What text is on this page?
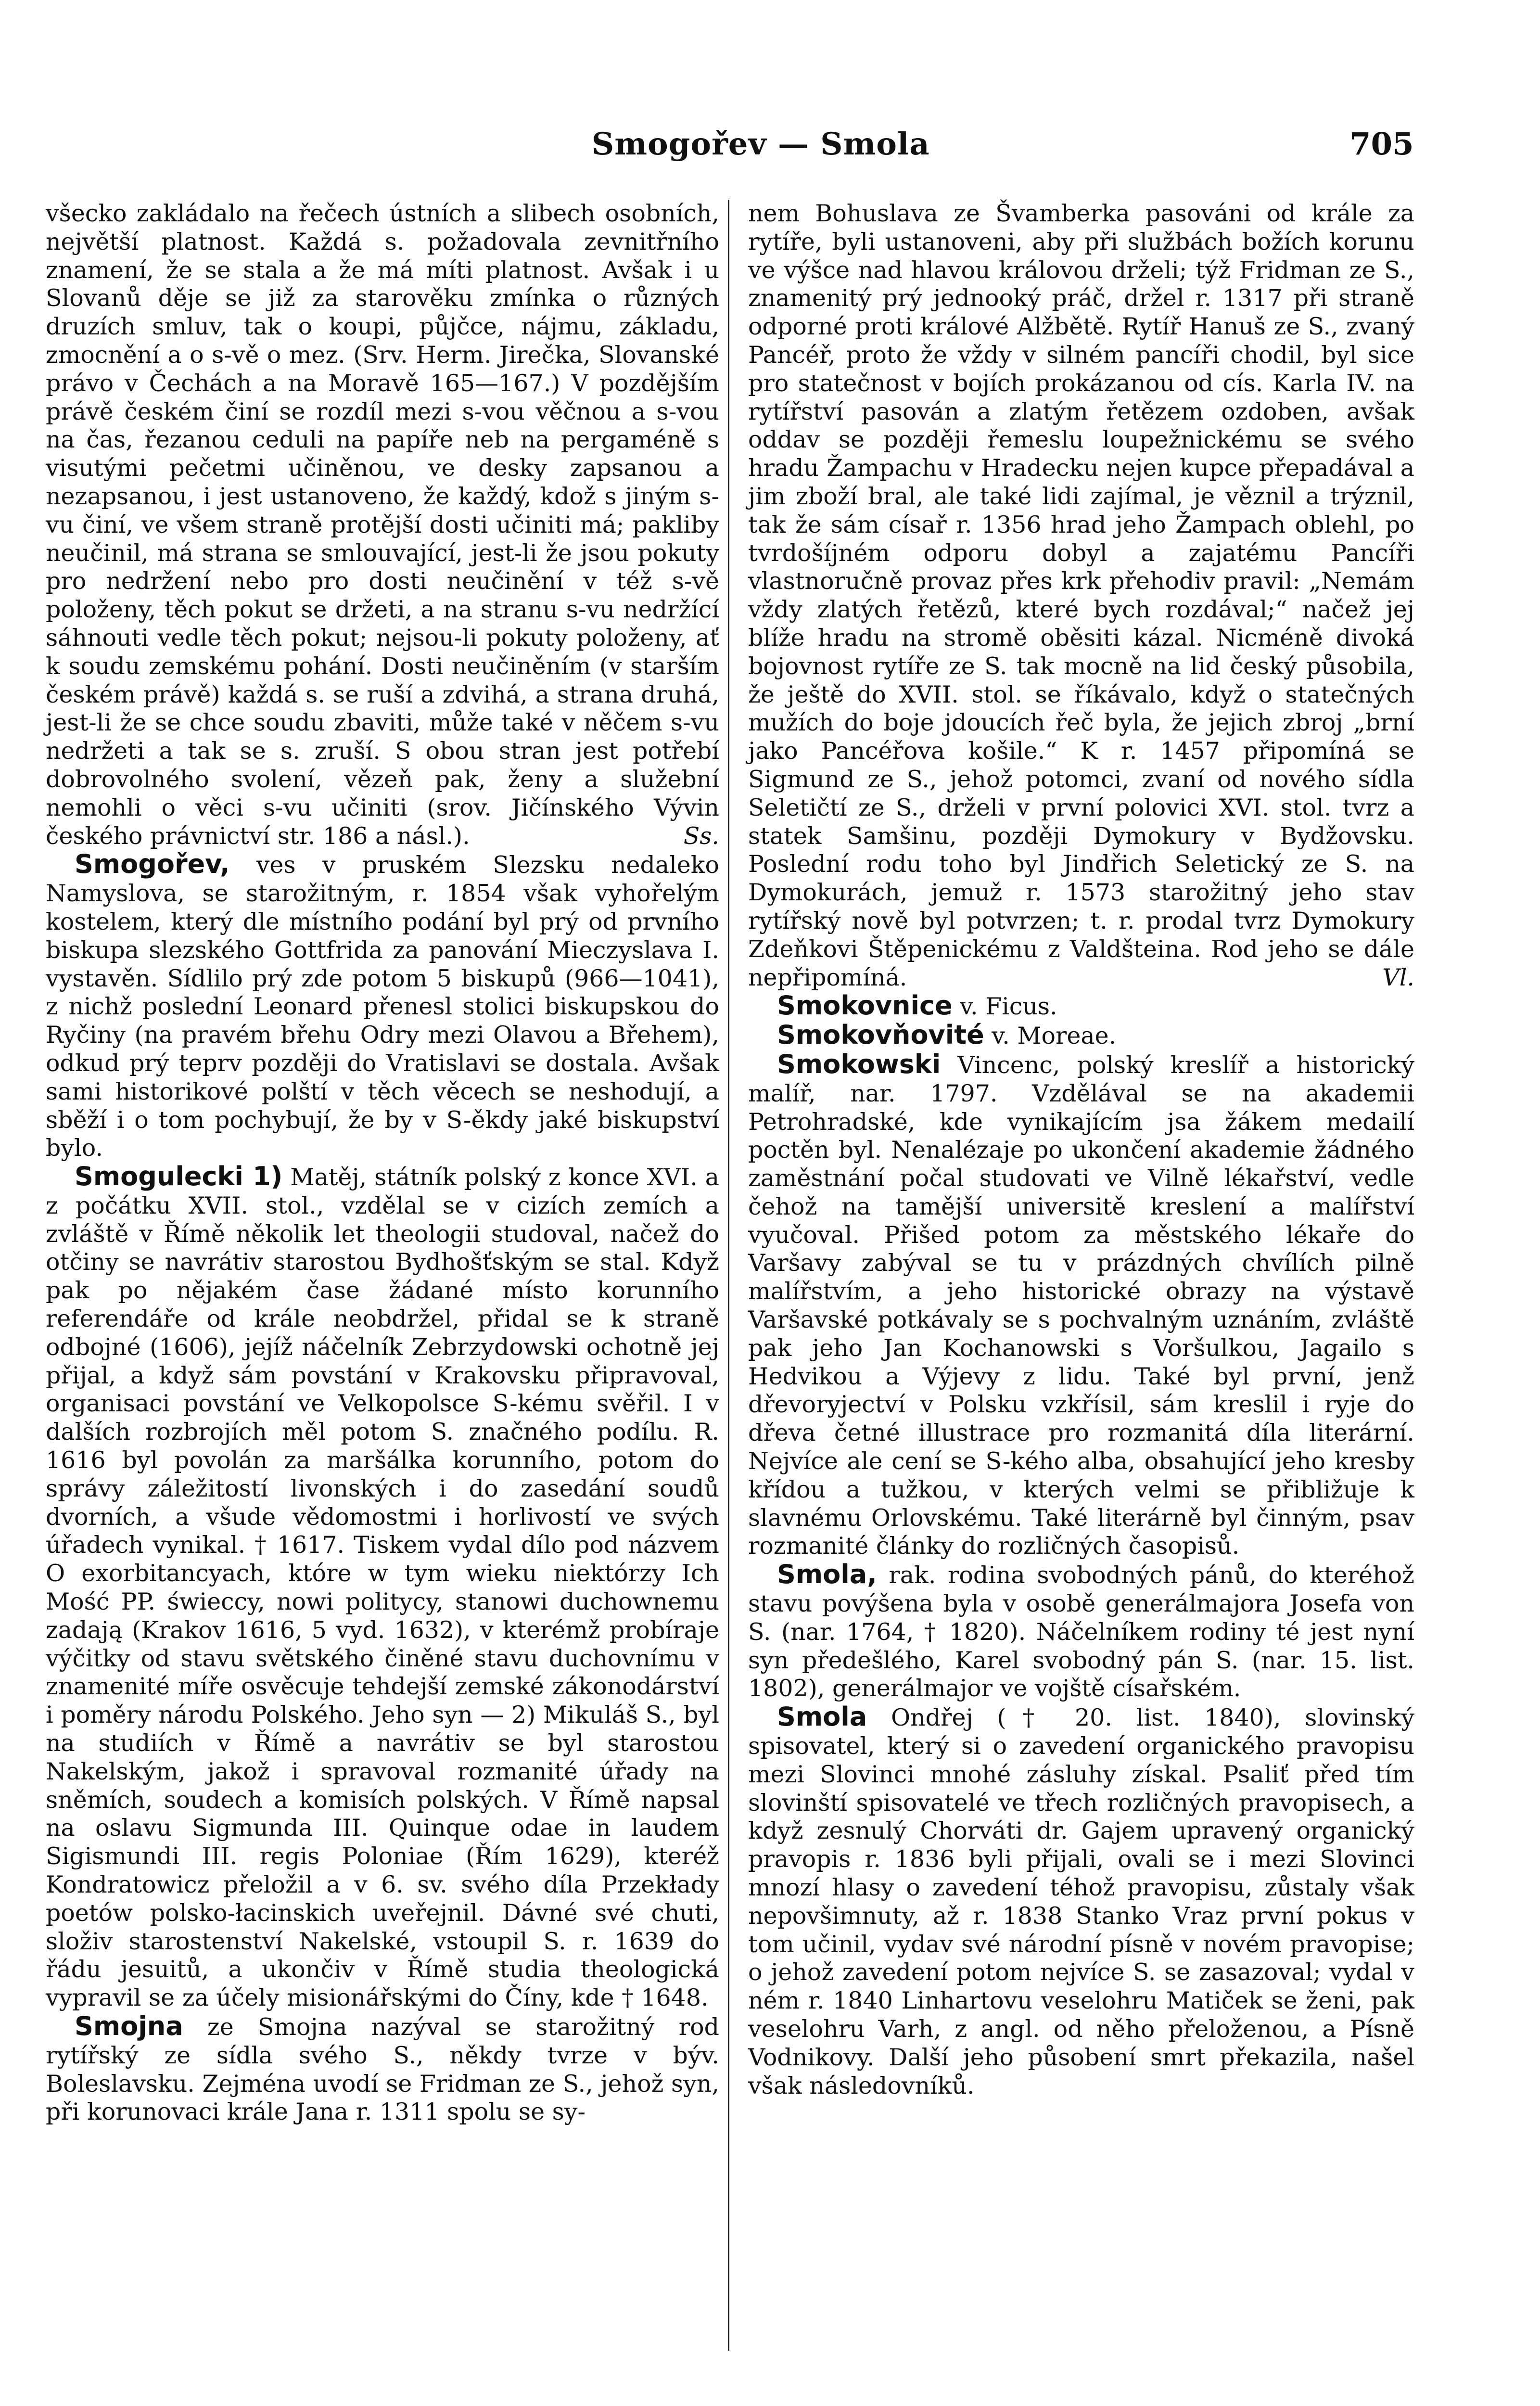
Smogořev — Smola	705

všecko zakládalo na řečech ústních a slibech osobních, největší platnost. Každá s. požadovala zevnitřního znamení, že se stala a že má míti platnost. Avšak i u Slovanů děje se již za starověku zmínka o různých druzích smluv, tak o koupi, půjčce, nájmu, základu, zmocnění a o s-vě o mez. (Srv. Herm. Jirečka, Slovanské právo v Čechách a na Moravě 165—167.) V pozdějším právě českém činí se rozdíl mezi s-vou věčnou a s-vou na čas, řezanou ceduli na papíře neb na pergaméně s visutými pečetmi učiněnou, ve desky zapsanou a nezapsanou, i jest ustanoveno, že každý, kdož s jiným s-vu činí, ve všem straně protější dosti učiniti má; pakliby neučinil, má strana se smlouvající, jest-li že jsou pokuty pro nedržení nebo pro dosti neučinění v též s-vě položeny, těch pokut se držeti, a na stranu s-vu nedržící sáhnouti vedle těch pokut; nejsou-li pokuty položeny, ať k soudu zemskému pohání. Dosti neučiněním (v starším českém právě) každá s. se ruší a zdvihá, a strana druhá, jest-li že se chce soudu zbaviti, může také v něčem s-vu nedržeti a tak se s. zruší. S obou stran jest potřebí dobrovolného svolení, vězeň pak, ženy a služební nemohli o věci s-vu učiniti (srov. Jičínského Vývin českého právnictví str. 186 a násl.).	Ss.

Smogořev, ves v pruském Slezsku nedaleko Namyslova, se starožitným, r. 1854 však vyhořelým kostelem, který dle místního podání byl prý od prvního biskupa slezského Gottfrida za panování Mieczyslava I. vystavěn. Sídlilo prý zde potom 5 biskupů (966—1041), z nichž poslední Leonard přenesl stolici biskupskou do Ryčiny (na pravém břehu Odry mezi Olavou a Břehem), odkud prý teprv později do Vratislavi se dostala. Avšak sami historikové polští v těch věcech se neshodují, a sběží i o tom pochybují, že by v S-ěkdy jaké biskupství bylo.

Smogulecki 1) Matěj, státník polský z konce XVI. a z počátku XVII. stol., vzdělal se v cizích zemích a zvláště v Římě několik let theologii studoval, načež do otčiny se navrátiv starostou Bydhošťským se stal. Když pak po nějakém čase žádané místo korunního referendáře od krále neobdržel, přidal se k straně odbojné (1606), jejíž náčelník Zebrzydowski ochotně jej přijal, a když sám povstání v Krakovsku připravoval, organisaci povstání ve Velkopolsce S-kému svěřil. I v dalších rozbrojích měl potom S. značného podílu. R. 1616 byl povolán za maršálka korunního, potom do správy záležitostí livonských i do zasedání soudů dvorních, a všude vědomostmi i horlivostí ve svých úřadech vynikal. † 1617. Tiskem vydal dílo pod názvem O exorbitancyach, które w tym wieku niektórzy Ich Mość PP. świeccy, nowi politycy, stanowi duchownemu zadają (Krakov 1616, 5 vyd. 1632), v kterémž probíraje výčitky od stavu světského činěné stavu duchovnímu v znamenité míře osvěcuje tehdejší zemské zákonodárství i poměry národu Polského. Jeho syn — 2) Mikuláš S., byl na studiích v Římě a navrátiv se byl starostou Nakelským, jakož i spravoval rozmanité úřady na sněmích, soudech a komisích polských. V Římě napsal na oslavu Sigmunda III. Quinque odae in laudem Sigismundi III. regis Poloniae (Řím 1629), kteréž Kondratowicz přeložil a v 6. sv. svého díla Przekłady poetów polsko-łacinskich uveřejnil. Dávné své chuti, složiv starostenství Nakelské, vstoupil S. r. 1639 do řádu jesuitů, a ukončiv v Římě studia theologická vypravil se za účely misionářskými do Číny, kde † 1648.

Smojna ze Smojna nazýval se starožitný rod rytířský ze sídla svého S., někdy tvrze v býv. Boleslavsku. Zejména uvodí se Fridman ze S., jehož syn, při korunovaci krále Jana r. 1311 spolu se sy-

nem Bohuslava ze Švamberka pasováni od krále za rytíře, byli ustanoveni, aby při službách božích korunu ve výšce nad hlavou královou drželi; týž Fridman ze S., znamenitý prý jednooký práč, držel r. 1317 při straně odporné proti králové Alžbětě. Rytíř Hanuš ze S., zvaný Pancéř, proto že vždy v silném pancíři chodil, byl sice pro statečnost v bojích prokázanou od cís. Karla IV. na rytířství pasován a zlatým řetězem ozdoben, avšak oddav se později řemeslu loupežnickému se svého hradu Žampachu v Hradecku nejen kupce přepadával a jim zboží bral, ale také lidi zajímal, je věznil a trýznil, tak že sám císař r. 1356 hrad jeho Žampach oblehl, po tvrdošíjném odporu dobyl a zajatému Pancíři vlastnoručně provaz přes krk přehodiv pravil: „Nemám vždy zlatých řetězů, které bych rozdával;“ načež jej blíže hradu na stromě oběsiti kázal. Nicméně divoká bojovnost rytíře ze S. tak mocně na lid český působila, že ještě do XVII. stol. se říkávalo, když o statečných mužích do boje jdoucích řeč byla, že jejich zbroj „brní jako Pancéřova košile.“ K r. 1457 připomíná se Sigmund ze S., jehož potomci, zvaní od nového sídla Seletičtí ze S., drželi v první polovici XVI. stol. tvrz a statek Samšinu, později Dymokury v Bydžovsku. Poslední rodu toho byl Jindřich Seletický ze S. na Dymokurách, jemuž r. 1573 starožitný jeho stav rytířský nově byl potvrzen; t. r. prodal tvrz Dymokury Zdeňkovi Štěpenickému z Valdšteina. Rod jeho se dále nepřipomíná.	Vl.

Smokovnice v. Ficus.

Smokovňovité v. Moreae.

Smokowski Vincenc, polský kreslíř a historický malíř, nar. 1797. Vzdělával se na akademii Petrohradské, kde vynikajícím jsa žákem medailí poctěn byl. Nenalézaje po ukončení akademie žádného zaměstnání počal studovati ve Vilně lékařství, vedle čehož na tamější universitě kreslení a malířství vyučoval. Přišed potom za městského lékaře do Varšavy zabýval se tu v prázdných chvílích pilně malířstvím, a jeho historické obrazy na výstavě Varšavské potkávaly se s pochvalným uznáním, zvláště pak jeho Jan Kochanowski s Voršulkou, Jagailo s Hedvikou a Výjevy z lidu. Také byl první, jenž dřevoryjectví v Polsku vzkřísil, sám kreslil i ryje do dřeva četné illustrace pro rozmanitá díla literární. Nejvíce ale cení se S-kého alba, obsahující jeho kresby křídou a tužkou, v kterých velmi se přibližuje k slavnému Orlovskému. Také literárně byl činným, psav rozmanité články do rozličných časopisů.

Smola, rak. rodina svobodných pánů, do kteréhož stavu povýšena byla v osobě generálmajora Josefa von S. (nar. 1764, † 1820). Náčelníkem rodiny té jest nyní syn předešlého, Karel svobodný pán S. (nar. 15. list. 1802), generálmajor ve vojště císařském.

Smola Ondřej († 20. list. 1840), slovinský spisovatel, který si o zavedení organického pravopisu mezi Slovinci mnohé zásluhy získal. Psaliť před tím slovinští spisovatelé ve třech rozličných pravopisech, a když zesnulý Chorváti dr. Gajem upravený organický pravopis r. 1836 byli přijali, ovali se i mezi Slovinci mnozí hlasy o zavedení téhož pravopisu, zůstaly však nepovšimnuty, až r. 1838 Stanko Vraz první pokus v tom učinil, vydav své národní písně v novém pravopise; o jehož zavedení potom nejvíce S. se zasazoval; vydal v ném r. 1840 Linhartovu veselohru Matiček se ženi, pak veselohru Varh, z angl. od něho přeloženou, a Písně Vodnikovy. Další jeho působení smrt překazila, našel však následovníků.
